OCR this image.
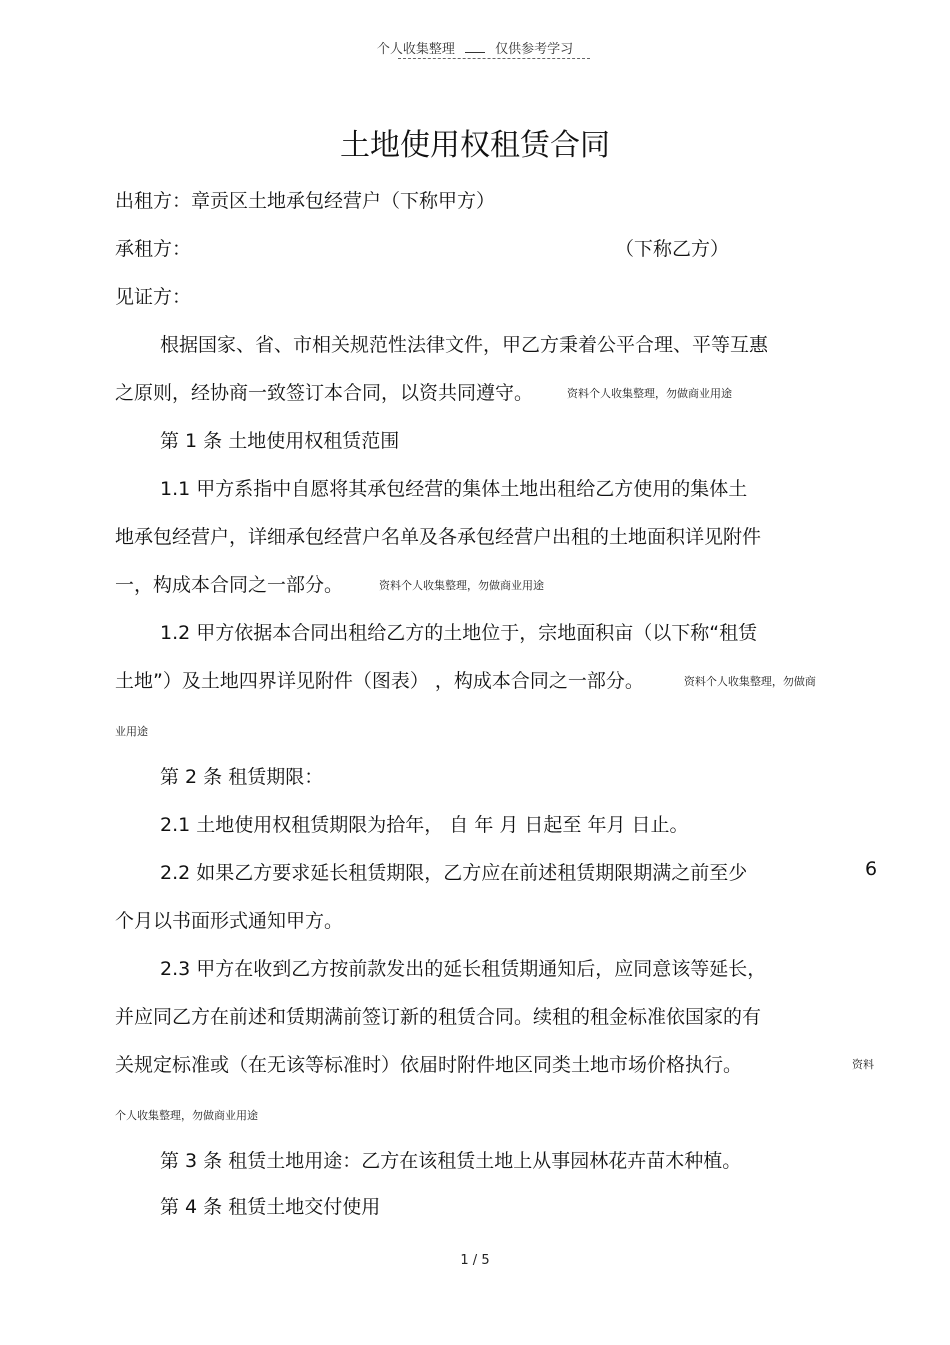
个人收集整理	仅供参考学习
土地使用权租赁合同
出租方：章贡区土地承包经营户（下称甲方）
承租方：	（下称乙方）
见证方：
根据国家、省、市相关规范性法律文件，甲乙方秉着公平合理、平等互惠
之原则，经协商一致签订本合同，以资共同遵守。	资料个人收集整理，勿做商业用途
第 1 条 土地使用权租赁范围
1.1 甲方系指中自愿将其承包经营的集体土地出租给乙方使用的集体土
地承包经营户，详细承包经营户名单及各承包经营户出租的土地面积详见附件
一，构成本合同之一部分。	资料个人收集整理，勿做商业用途
1.2 甲方依据本合同出租给乙方的土地位于，宗地面积亩（以下称“租赁
土地”）及土地四界详见附件（图表） ，构成本合同之一部分。	资料个人收集整理，勿做商
业用途
第 2 条 租赁期限：
2.1 土地使用权租赁期限为拾年， 自 年 月 日起至 年月 日止。
2.2 如果乙方要求延长租赁期限，乙方应在前述租赁期限期满之前至少	6
个月以书面形式通知甲方。
2.3 甲方在收到乙方按前款发出的延长租赁期通知后，应同意该等延长，
并应同乙方在前述和赁期满前签订新的租赁合同。续租的租金标准依国家的有
关规定标准或（在无该等标准时）依届时附件地区同类土地市场价格执行。	资料
个人收集整理，勿做商业用途
第 3 条 租赁土地用途：乙方在该租赁土地上从事园林花卉苗木种植。
第 4 条 租赁土地交付使用
1 / 5
